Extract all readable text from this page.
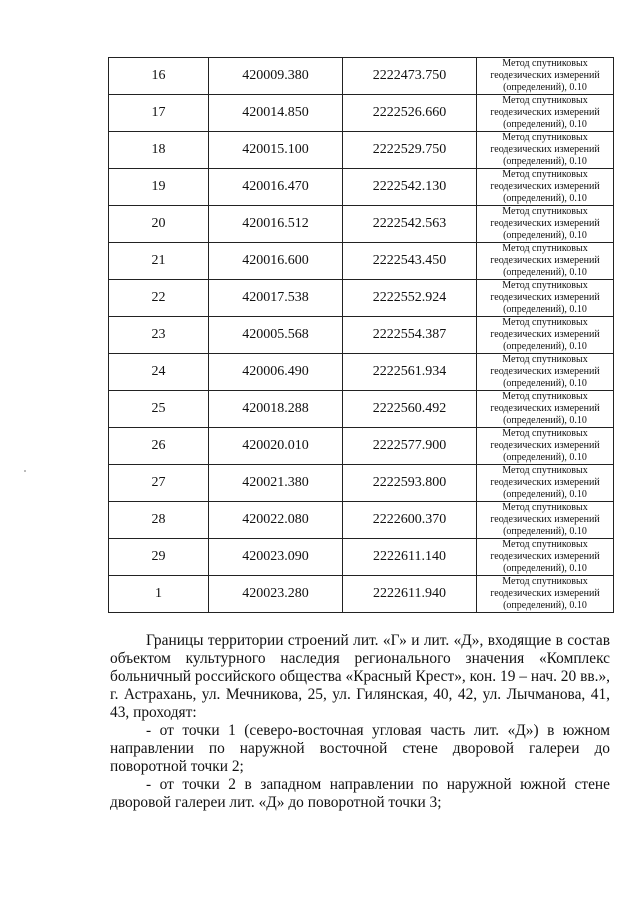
16	420009.380	2222473.750	Метод спутниковых
геодезических измерений
(определений), 0.10

17	420014.850	2222526.660	Метод спутниковых
геодезических измерений
(определений), 0.10

18	420015.100	2222529.750	Метод спутниковых
геодезических измерений
(определений), 0.10

19	420016.470	2222542.130	Метод спутниковых
геодезических измерений
(определений), 0.10

20	420016.512	2222542.563	Метод спутниковых
геодезических измерений
(определений), 0.10

21	420016.600	2222543.450	Метод спутниковых
геодезических измерений
(определений), 0.10

22	420017.538	2222552.924	Метод спутниковых
геодезических измерений
(определений), 0.10

23	420005.568	2222554.387	Метод спутниковых
геодезических измерений
(определений), 0.10

24	420006.490	2222561.934	Метод спутниковых
геодезических измерений
(определений), 0.10

25	420018.288	2222560.492	Метод спутниковых
геодезических измерений
(определений), 0.10

26	420020.010	2222577.900	Метод спутниковых
геодезических измерений
(определений), 0.10

27	420021.380	2222593.800	Метод спутниковых
геодезических измерений
(определений), 0.10

28	420022.080	2222600.370	Метод спутниковых
геодезических измерений
(определений), 0.10

29	420023.090	2222611.140	Метод спутниковых
геодезических измерений
(определений), 0.10

1	420023.280	2222611.940	Метод спутниковых
геодезических измерений
(определений), 0.10

Границы территории строений лит. «Г» и лит. «Д», входящие в состав объектом культурного наследия регионального значения «Комплекс больничный российского общества «Красный Крест», кон. 19 – нач. 20 вв.», г. Астрахань, ул. Мечникова, 25, ул. Гилянская, 40, 42, ул. Лычманова, 41, 43, проходят:

- от точки 1 (северо-восточная угловая часть лит. «Д») в южном направлении по наружной восточной стене дворовой галереи до поворотной точки 2;

- от точки 2 в западном направлении по наружной южной стене дворовой галереи лит. «Д» до поворотной точки 3;
